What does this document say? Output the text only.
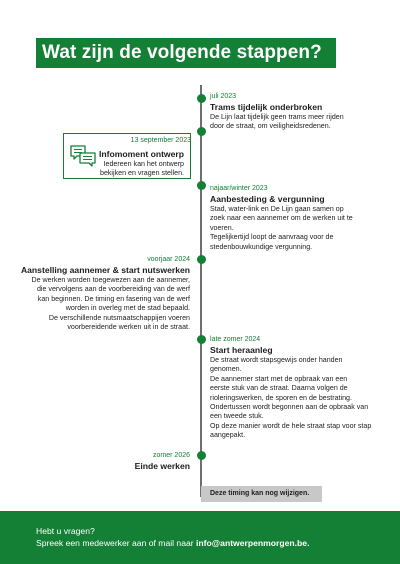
Wat zijn de volgende stappen?
juli 2023
Trams tijdelijk onderbroken
De Lijn laat tijdelijk geen trams meer rijden
door de straat, om veiligheidsredenen.
Infomoment ontwerp
Iedereen kan het ontwerp
bekijken en vragen stellen.
13 september 2023
najaar/winter 2023
Aanbesteding & vergunning
Stad, water-link en De Lijn gaan samen op
zoek naar een aannemer om de werken uit te
voeren.
Tegelijkertijd loopt de aanvraag voor de
stedenbouwkundige vergunning.
voorjaar 2024
Aanstelling aannemer & start nutswerken
De werken worden toegewezen aan de aannemer,
die vervolgens aan de voorbereiding van de werf
kan beginnen. De timing en fasering van de werf
worden in overleg met de stad bepaald.
De verschillende nutsmaatschappijen voeren
voorbereidende werken uit in de straat.
late zomer 2024
Start heraanleg
De straat wordt stapsgewijs onder handen
genomen.
De aannemer start met de opbraak van een
eerste stuk van de straat. Daarna volgen de
rioleringswerken, de sporen en de bestrating.
Ondertussen wordt begonnen aan de opbraak van
een tweede stuk.
Op deze manier wordt de hele straat stap voor stap
aangepakt.
zomer 2026
Einde werken
Deze timing kan nog wijzigen.
Hebt u vragen?
Spreek een medewerker aan of mail naar info@antwerpenmorgen.be.
